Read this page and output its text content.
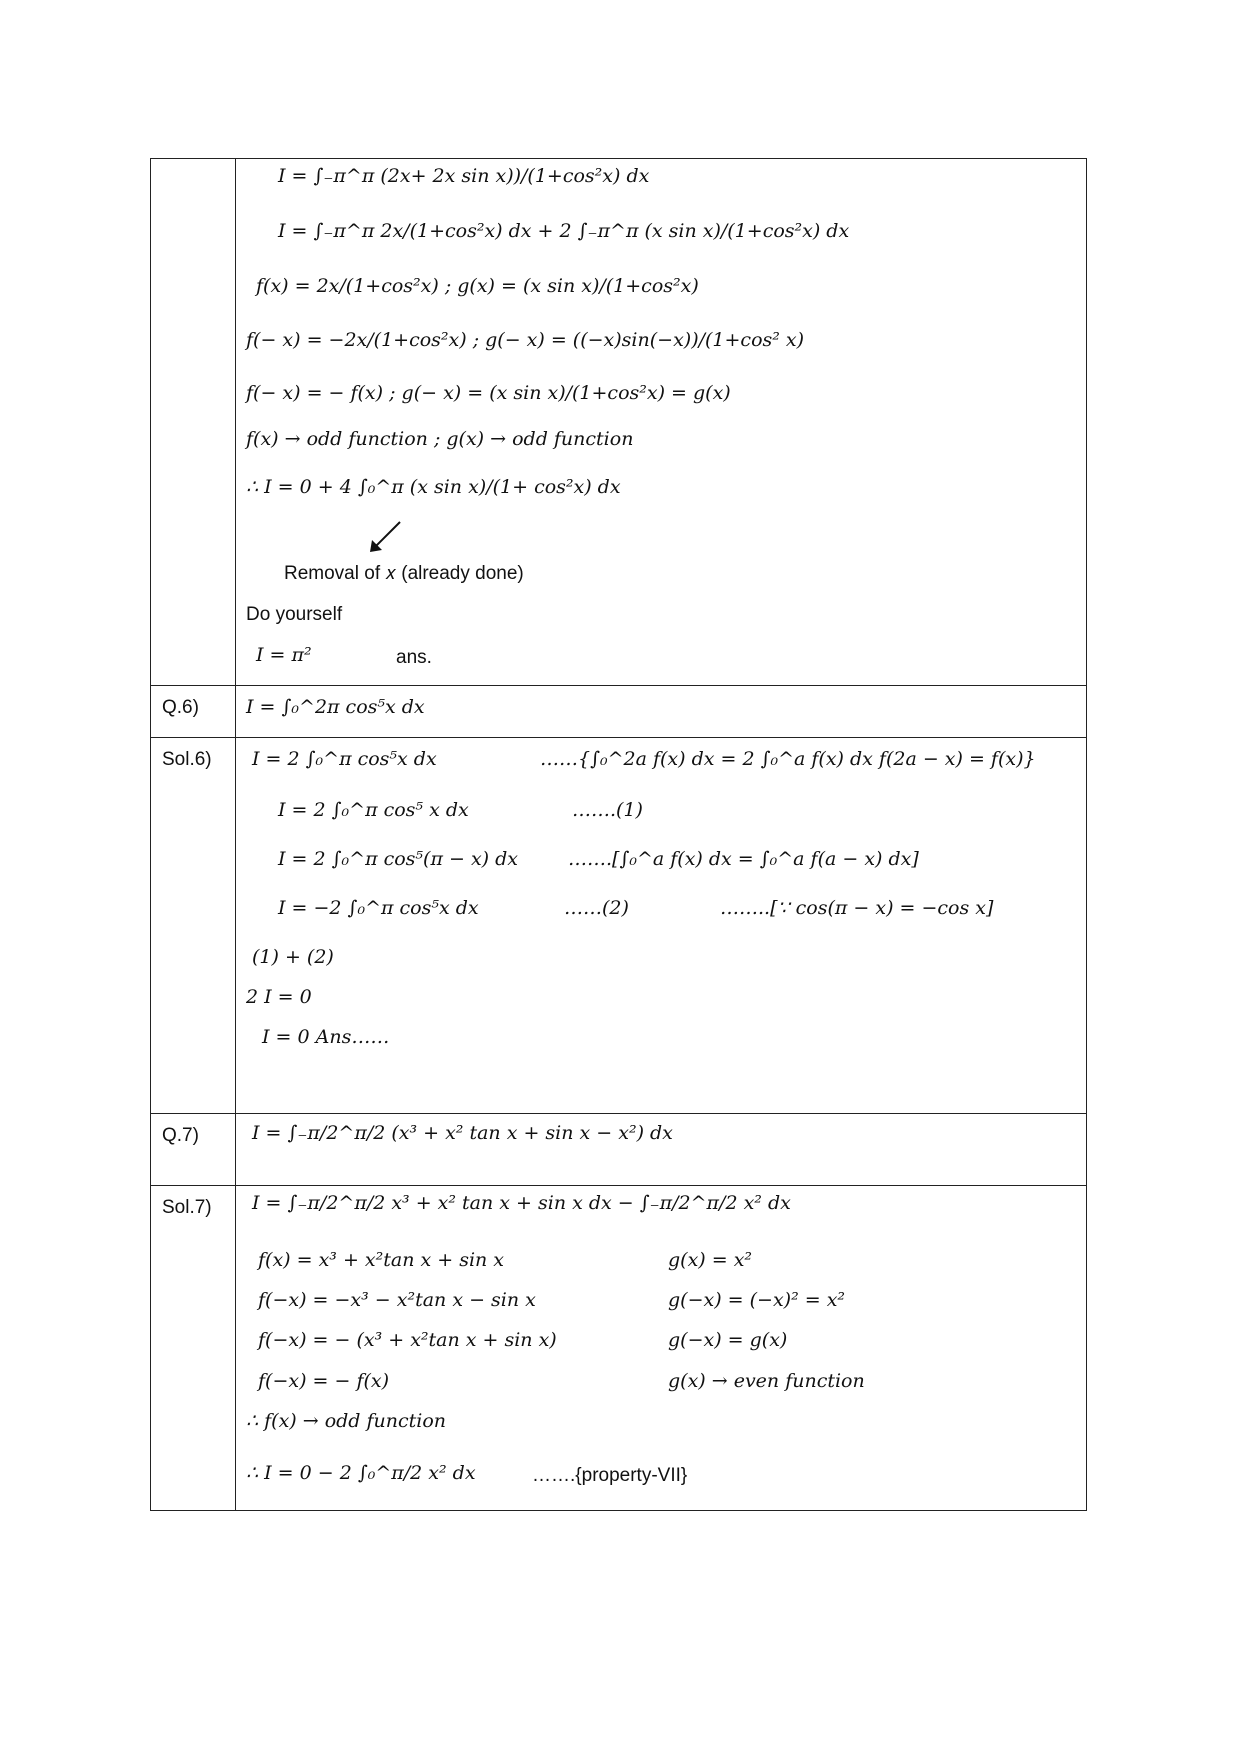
Q.6)
Sol.6)
Q.7)
Sol.7)
I = ∫₋π^π (2x+ 2x sin x))/(1+cos²x) dx
I = ∫₋π^π 2x/(1+cos²x) dx + 2 ∫₋π^π (x sin x)/(1+cos²x) dx
f(x) = 2x/(1+cos²x) ; g(x) = (x sin x)/(1+cos²x)
f(− x) = −2x/(1+cos²x) ; g(− x) = ((−x)sin(−x))/(1+cos² x)
f(− x) = − f(x) ; g(− x) = (x sin x)/(1+cos²x) = g(x)
f(x) → odd function ; g(x) → odd function
∴ I = 0 + 4 ∫₀^π (x sin x)/(1+ cos²x) dx
Removal of 𝑥 (already done)
Do yourself
I = π²	ans.
I = ∫₀^2π cos⁵x dx
I = 2 ∫₀^π cos⁵x dx
I = 2 ∫₀^π cos⁵ x dx
I = 2 ∫₀^π cos⁵(π − x) dx
I = −2 ∫₀^π cos⁵x dx
(1) + (2)
2 I = 0
I = 0 Ans……
……{∫₀^2a f(x) dx = 2 ∫₀^a f(x) dx f(2a − x) = f(x)}
…….(1)
…….[∫₀^a f(x) dx = ∫₀^a f(a − x) dx]
……(2)	……..[∵ cos(π − x) = −cos x]
I = ∫₋π/2^π/2 (x³ + x² tan x + sin x − x²) dx
I = ∫₋π/2^π/2 x³ + x² tan x + sin x dx − ∫₋π/2^π/2 x² dx
f(x) = x³ + x²tan x + sin x
f(−x) = −x³ − x²tan x − sin x
f(−x) = − (x³ + x²tan x + sin x)
f(−x) = − f(x)
∴ f(x) → odd function
∴ I = 0 − 2 ∫₀^π/2 x² dx
g(x) = x²
g(−x) = (−x)² = x²
g(−x) = g(x)
g(x) → even function
…….{property-VII}
